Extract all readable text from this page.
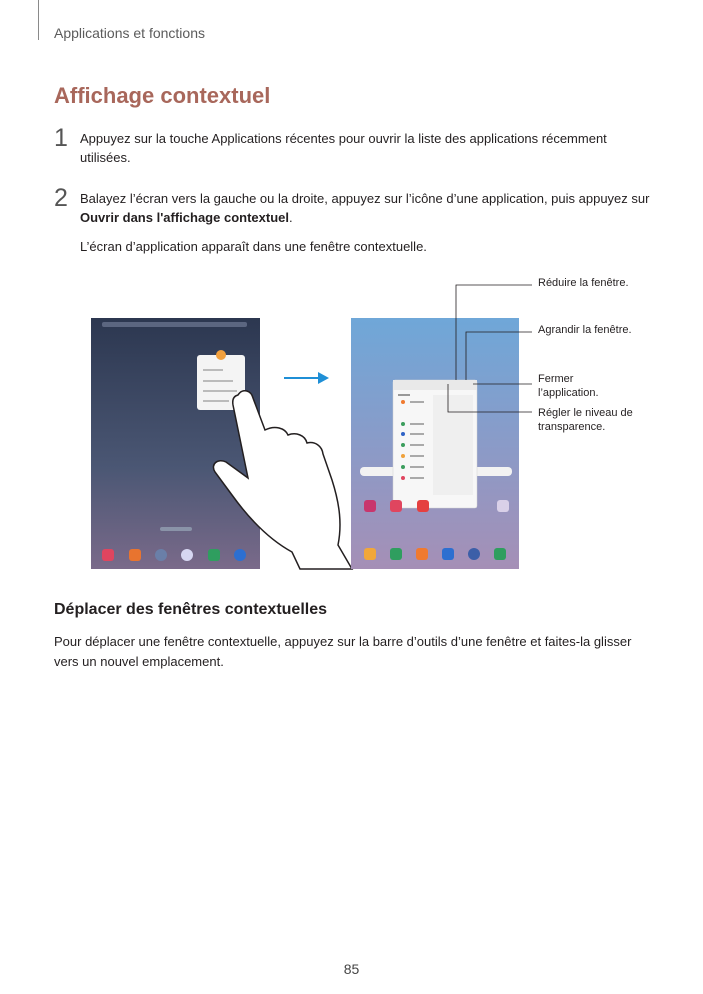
Applications et fonctions
Affichage contextuel
1 Appuyez sur la touche Applications récentes pour ouvrir la liste des applications récemment utilisées.
2 Balayez l’écran vers la gauche ou la droite, appuyez sur l’icône d’une application, puis appuyez sur Ouvrir dans l'affichage contextuel.
L’écran d’application apparaît dans une fenêtre contextuelle.
Réduire la fenêtre.
Agrandir la fenêtre.
Fermer
l’application.
Régler le niveau de
transparence.
Déplacer des fenêtres contextuelles
Pour déplacer une fenêtre contextuelle, appuyez sur la barre d’outils d’une fenêtre et faites-la glisser vers un nouvel emplacement.
85
